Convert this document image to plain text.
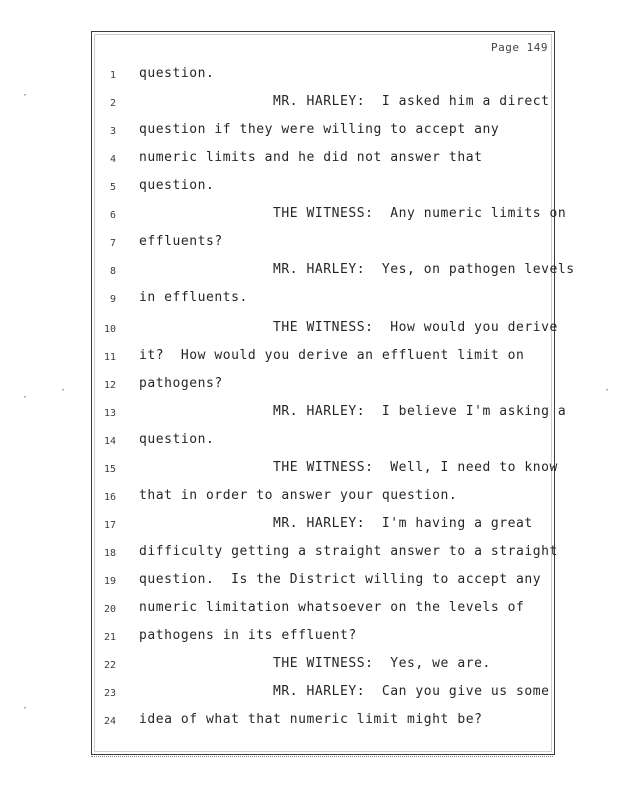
Page 149
1 question.
2 MR. HARLEY:  I asked him a direct
3 question if they were willing to accept any
4 numeric limits and he did not answer that
5 question.
6 THE WITNESS:  Any numeric limits on
7 effluents?
8 MR. HARLEY:  Yes, on pathogen levels
9 in effluents.
10 THE WITNESS:  How would you derive
11 it?  How would you derive an effluent limit on
12 pathogens?
13 MR. HARLEY:  I believe I'm asking a
14 question.
15 THE WITNESS:  Well, I need to know
16 that in order to answer your question.
17 MR. HARLEY:  I'm having a great
18 difficulty getting a straight answer to a straight
19 question.  Is the District willing to accept any
20 numeric limitation whatsoever on the levels of
21 pathogens in its effluent?
22 THE WITNESS:  Yes, we are.
23 MR. HARLEY:  Can you give us some
24 idea of what that numeric limit might be?
·
·
·	·
·
